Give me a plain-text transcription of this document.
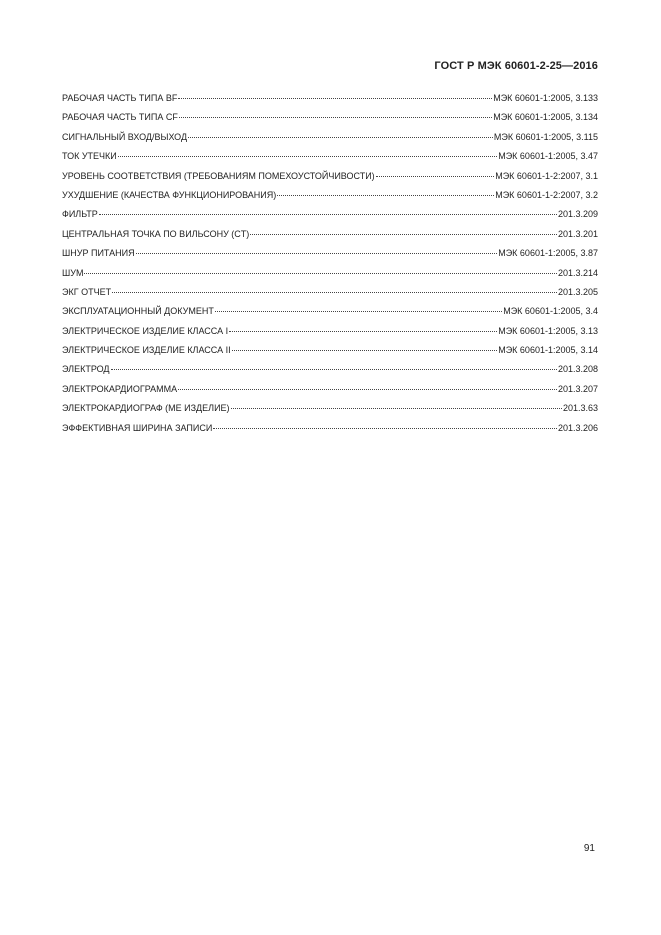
ГОСТ Р МЭК 60601-2-25—2016
РАБОЧАЯ ЧАСТЬ ТИПА BF	МЭК 60601-1:2005, 3.133
РАБОЧАЯ ЧАСТЬ ТИПА CF	МЭК 60601-1:2005, 3.134
СИГНАЛЬНЫЙ ВХОД/ВЫХОД	МЭК 60601-1:2005, 3.115
ТОК УТЕЧКИ	МЭК 60601-1:2005, 3.47
УРОВЕНЬ СООТВЕТСТВИЯ (ТРЕБОВАНИЯМ ПОМЕХОУСТОЙЧИВОСТИ)	МЭК 60601-1-2:2007, 3.1
УХУДШЕНИЕ (КАЧЕСТВА ФУНКЦИОНИРОВАНИЯ)	МЭК 60601-1-2:2007, 3.2
ФИЛЬТР	201.3.209
ЦЕНТРАЛЬНАЯ ТОЧКА ПО ВИЛЬСОНУ (CT)	201.3.201
ШНУР ПИТАНИЯ	МЭК 60601-1:2005, 3.87
ШУМ	201.3.214
ЭКГ ОТЧЕТ	201.3.205
ЭКСПЛУАТАЦИОННЫЙ ДОКУМЕНТ	МЭК 60601-1:2005, 3.4
ЭЛЕКТРИЧЕСКОЕ ИЗДЕЛИЕ КЛАССА I	МЭК 60601-1:2005, 3.13
ЭЛЕКТРИЧЕСКОЕ ИЗДЕЛИЕ КЛАССА II	МЭК 60601-1:2005, 3.14
ЭЛЕКТРОД	201.3.208
ЭЛЕКТРОКАРДИОГРАММА	201.3.207
ЭЛЕКТРОКАРДИОГРАФ (МЕ ИЗДЕЛИЕ)	201.3.63
ЭФФЕКТИВНАЯ ШИРИНА ЗАПИСИ	201.3.206
91
